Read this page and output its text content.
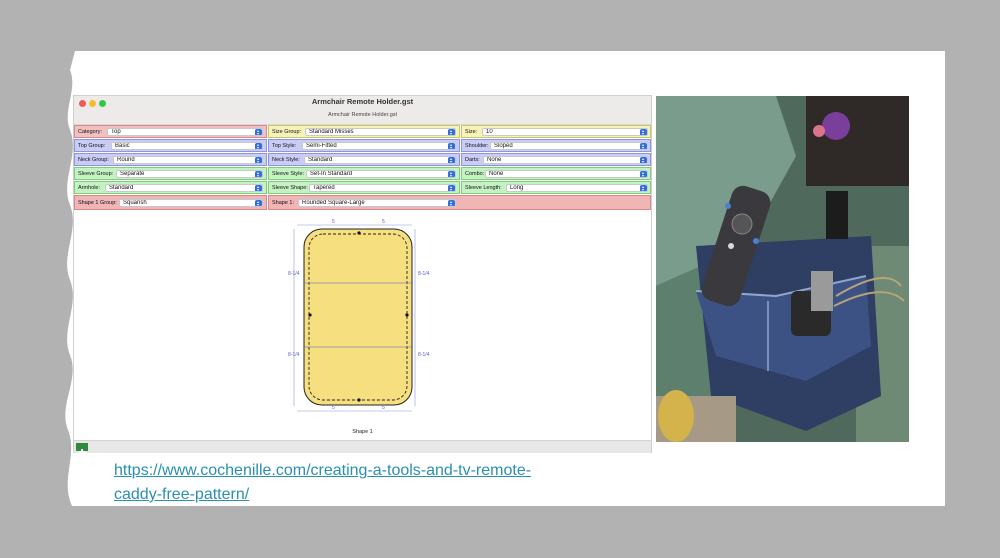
Armchair Remote Holder.gst
Armchair Remote Holder.gst
Category:	Top	Size Group:	Standard Misses	Size:	10
Top Group:	Basic	Top Style:	Semi-Fitted	Shoulder: Sloped
Neck Group:	Round	Neck Style:	Standard	Darts:	None
Sleeve Group:	Separate	Sleeve Style: Set-In Standard	Combo: None
Armhole:	Standard	Sleeve Shape: Tapered	Sleeve Length:	Long
Shape 1 Group:	Squarish	Shape 1:	Rounded Square-Large
5	5
5	5
8-1/4	8-1/4
8-1/4	8-1/4
Shape 1
https://www.cochenille.com/creating-a-tools-and-tv-remote-
caddy-free-pattern/
